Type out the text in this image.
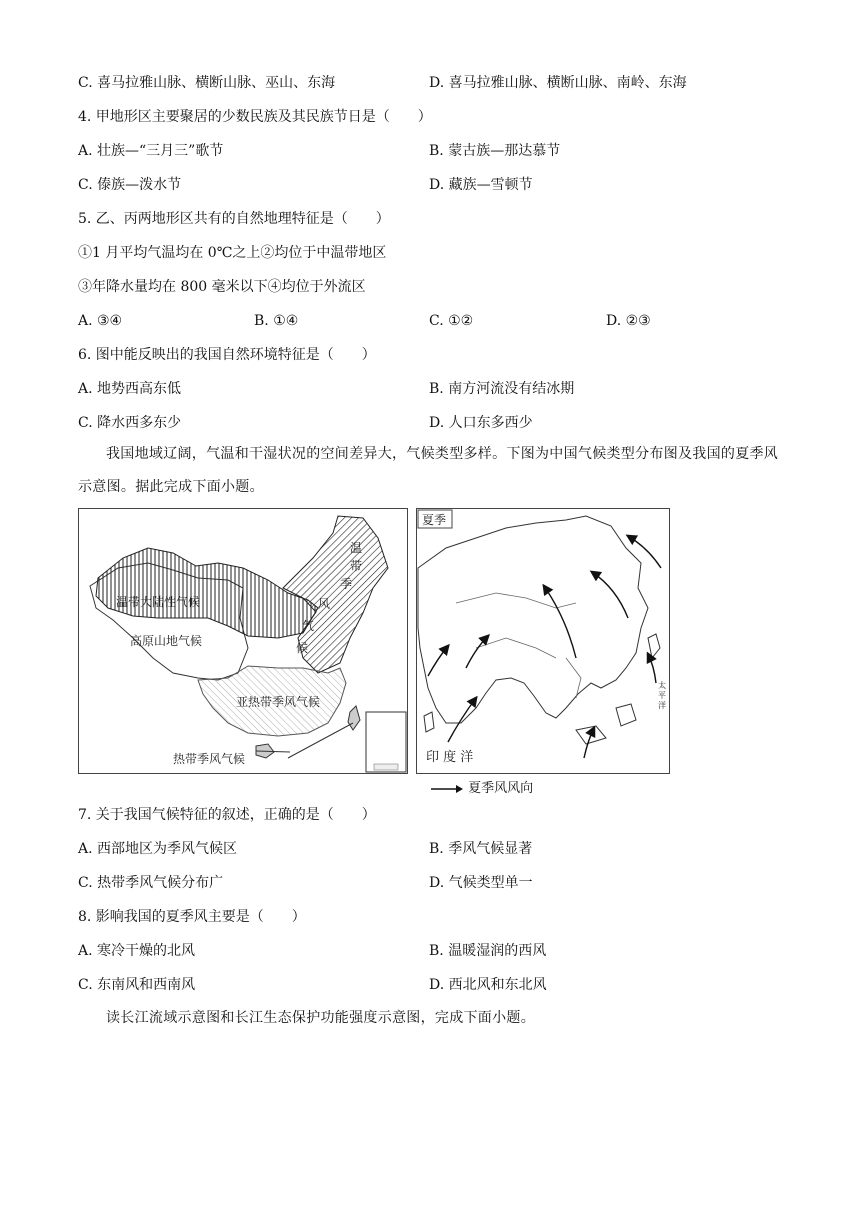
C. 喜马拉雅山脉、横断山脉、巫山、东海	D. 喜马拉雅山脉、横断山脉、南岭、东海
4. 甲地形区主要聚居的少数民族及其民族节日是（　　）
A. 壮族—“三月三”歌节	B. 蒙古族—那达慕节
C. 傣族—泼水节	D. 藏族—雪顿节
5. 乙、丙两地形区共有的自然地理特征是（　　）
①1 月平均气温均在 0℃之上②均位于中温带地区
③年降水量均在 800 毫米以下④均位于外流区
A. ③④	B. ①④	C. ①②	D. ②③
6. 图中能反映出的我国自然环境特征是（　　）
A. 地势西高东低	B. 南方河流没有结冰期
C. 降水西多东少	D. 人口东多西少
我国地域辽阔，气温和干湿状况的空间差异大，气候类型多样。下图为中国气候类型分布图及我国的夏季风示意图。据此完成下面小题。
温带大陆性气候
高原山地气候
亚热带季风气候
热带季风气候
温
带
季
风
气
候
夏季
印 度 洋
太
平
洋
夏季风风向
7. 关于我国气候特征的叙述，正确的是（　　）
A. 西部地区为季风气候区	B. 季风气候显著
C. 热带季风气候分布广	D. 气候类型单一
8. 影响我国的夏季风主要是（　　）
A. 寒冷干燥的北风	B. 温暖湿润的西风
C. 东南风和西南风	D. 西北风和东北风
读长江流域示意图和长江生态保护功能强度示意图，完成下面小题。
